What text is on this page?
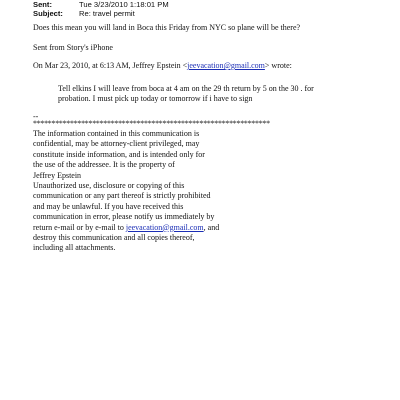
Sent:	Tue 3/23/2010 1:18:01 PM
Subject: Re: travel permit
Does this mean you will land in Boca this Friday from NYC so plane will be there?
Sent from Story's iPhone
On Mar 23, 2010, at 6:13 AM, Jeffrey Epstein <jeevacation@gmail.com> wrote:
Tell elkins I will leave from boca at 4 am on the 29 th return by 5 on the 30 . for
probation. I must pick up today or tomorrow if i have to sign
--
****************************************************************
The information contained in this communication is
confidential, may be attorney-client privileged, may
constitute inside information, and is intended only for
the use of the addressee. It is the property of
Jeffrey Epstein
Unauthorized use, disclosure or copying of this
communication or any part thereof is strictly prohibited
and may be unlawful. If you have received this
communication in error, please notify us immediately by
return e-mail or by e-mail to jeevacation@gmail.com, and
destroy this communication and all copies thereof,
including all attachments.
